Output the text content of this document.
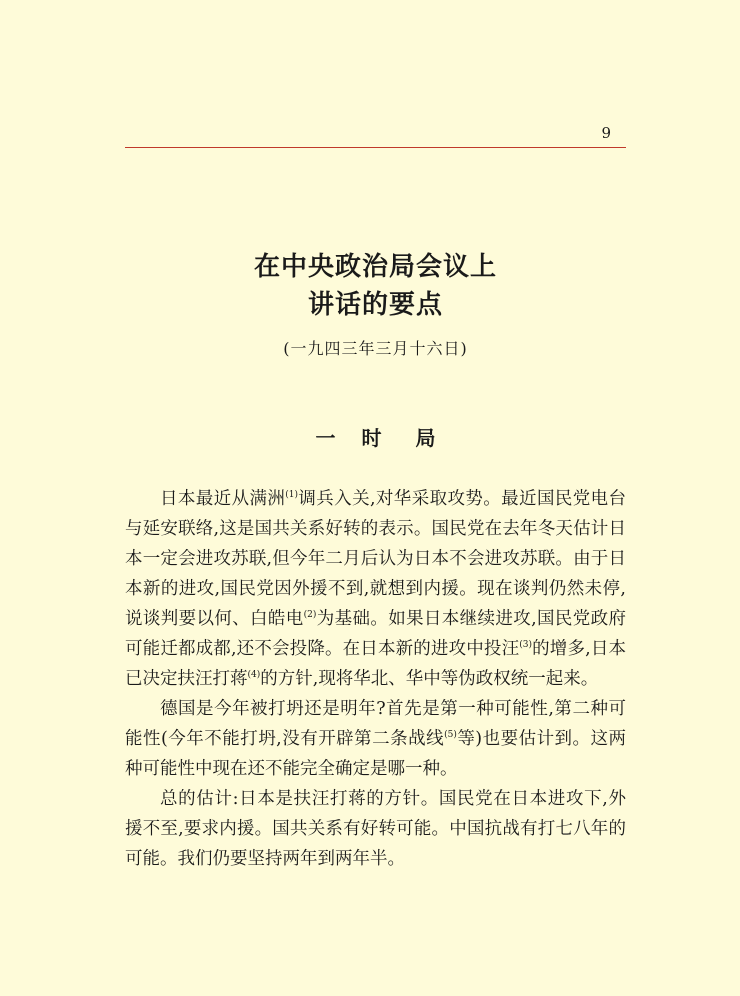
9
在中央政治局会议上
讲话的要点
(一九四三年三月十六日)
一 时 局

日本最近从满洲$^{(1)}$调兵入关,对华采取攻势。最近国民党电台与延安联络,这是国共关系好转的表示。国民党在去年冬天估计日本一定会进攻苏联,但今年二月后认为日本不会进攻苏联。由于日本新的进攻,国民党因外援不到,就想到内援。现在谈判仍然未停,说谈判要以何、白皓电$^{(2)}$为基础。如果日本继续进攻,国民党政府可能迁都成都,还不会投降。在日本新的进攻中投汪$^{(3)}$的增多,日本已决定扶汪打蒋$^{(4)}$的方针,现将华北、华中等伪政权统一起来。

德国是今年被打坍还是明年?首先是第一种可能性,第二种可能性(今年不能打坍,没有开辟第二条战线$^{(5)}$等)也要估计到。这两种可能性中现在还不能完全确定是哪一种。

总的估计:日本是扶汪打蒋的方针。国民党在日本进攻下,外援不至,要求内援。国共关系有好转可能。中国抗战有打七八年的可能。我们仍要坚持两年到两年半。
